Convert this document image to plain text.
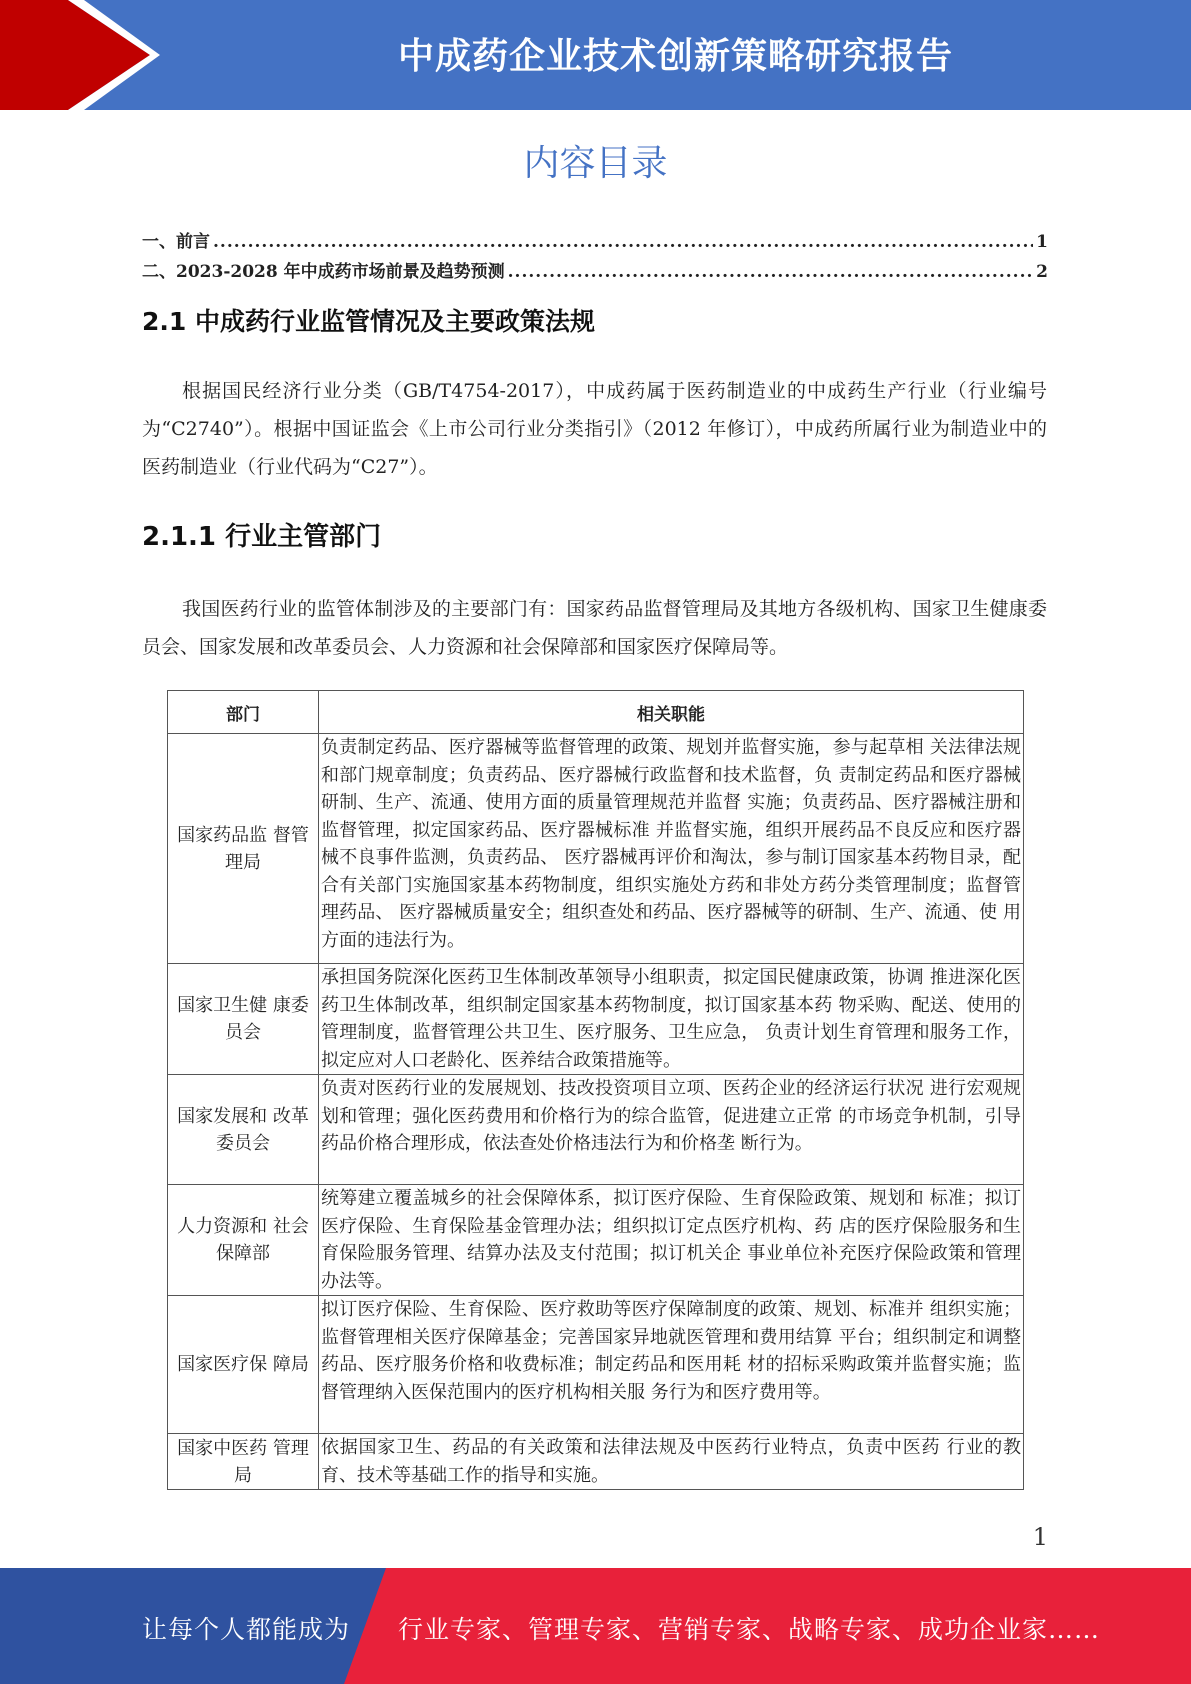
中成药企业技术创新策略研究报告
内容目录
一、前言 .....	1
二、2023-2028 年中成药市场前景及趋势预测 .....	2
2.1 中成药行业监管情况及主要政策法规
根据国民经济行业分类（GB/T4754-2017），中成药属于医药制造业的中成药生产行业（行业编号为“C2740”）。根据中国证监会《上市公司行业分类指引》（2012 年修订），中成药所属行业为制造业中的医药制造业（行业代码为“C27”）。
2.1.1 行业主管部门
我国医药行业的监管体制涉及的主要部门有：国家药品监督管理局及其地方各级机构、国家卫生健康委员会、国家发展和改革委员会、人力资源和社会保障部和国家医疗保障局等。
部门	相关职能
国家药品监 督管理局	负责制定药品、医疗器械等监督管理的政策、规划并监督实施，参与起草相 关法律法规和部门规章制度；负责药品、医疗器械行政监督和技术监督，负 责制定药品和医疗器械研制、生产、流通、使用方面的质量管理规范并监督 实施；负责药品、医疗器械注册和监督管理，拟定国家药品、医疗器械标准 并监督实施，组织开展药品不良反应和医疗器械不良事件监测，负责药品、 医疗器械再评价和淘汰，参与制订国家基本药物目录，配合有关部门实施国家基本药物制度，组织实施处方药和非处方药分类管理制度；监督管理药品、 医疗器械质量安全；组织查处和药品、医疗器械等的研制、生产、流通、使 用方面的违法行为。
国家卫生健 康委员会	承担国务院深化医药卫生体制改革领导小组职责，拟定国民健康政策，协调 推进深化医药卫生体制改革，组织制定国家基本药物制度，拟订国家基本药 物采购、配送、使用的管理制度，监督管理公共卫生、医疗服务、卫生应急， 负责计划生育管理和服务工作，拟定应对人口老龄化、医养结合政策措施等。
国家发展和 改革委员会	负责对医药行业的发展规划、技改投资项目立项、医药企业的经济运行状况 进行宏观规划和管理；强化医药费用和价格行为的综合监管，促进建立正常 的市场竞争机制，引导药品价格合理形成，依法查处价格违法行为和价格垄 断行为。
人力资源和 社会保障部	统筹建立覆盖城乡的社会保障体系，拟订医疗保险、生育保险政策、规划和 标准；拟订医疗保险、生育保险基金管理办法；组织拟订定点医疗机构、药 店的医疗保险服务和生育保险服务管理、结算办法及支付范围；拟订机关企 事业单位补充医疗保险政策和管理办法等。
国家医疗保 障局	拟订医疗保险、生育保险、医疗救助等医疗保障制度的政策、规划、标准并 组织实施；监督管理相关医疗保障基金；完善国家异地就医管理和费用结算 平台；组织制定和调整药品、医疗服务价格和收费标准；制定药品和医用耗 材的招标采购政策并监督实施；监督管理纳入医保范围内的医疗机构相关服 务行为和医疗费用等。
国家中医药 管理局	依据国家卫生、药品的有关政策和法律法规及中医药行业特点，负责中医药 行业的教育、技术等基础工作的指导和实施。
1
让每个人都能成为 行业专家、管理专家、营销专家、战略专家、成功企业家……
